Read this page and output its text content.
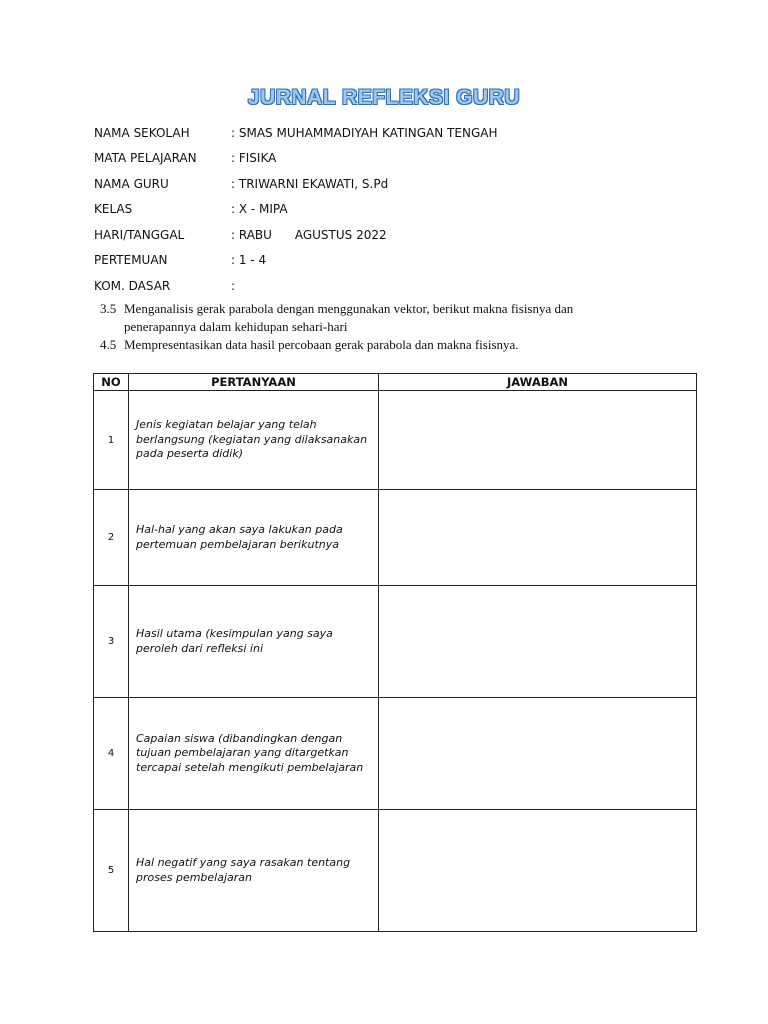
JURNAL REFLEKSI GURU
NAMA SEKOLAH	: SMAS MUHAMMADIYAH KATINGAN TENGAH
MATA PELAJARAN	: FISIKA
NAMA GURU	: TRIWARNI EKAWATI, S.Pd
KELAS	: X - MIPA
HARI/TANGGAL	: RABU      AGUSTUS 2022
PERTEMUAN	: 1 - 4
KOM. DASAR	:
3.5 Menganalisis gerak parabola dengan menggunakan vektor, berikut makna fisisnya dan penerapannya dalam kehidupan sehari-hari
4.5 Mempresentasikan data hasil percobaan gerak parabola dan makna fisisnya.
NO	PERTANYAAN	JAWABAN
1	Jenis kegiatan belajar yang telah berlangsung (kegiatan yang dilaksanakan pada peserta didik)	
2	Hal-hal yang akan saya lakukan pada pertemuan pembelajaran berikutnya	
3	Hasil utama (kesimpulan yang saya peroleh dari refleksi ini	
4	Capaian siswa (dibandingkan dengan tujuan pembelajaran yang ditargetkan tercapai setelah mengikuti pembelajaran	
5	Hal negatif yang saya rasakan tentang proses pembelajaran	
